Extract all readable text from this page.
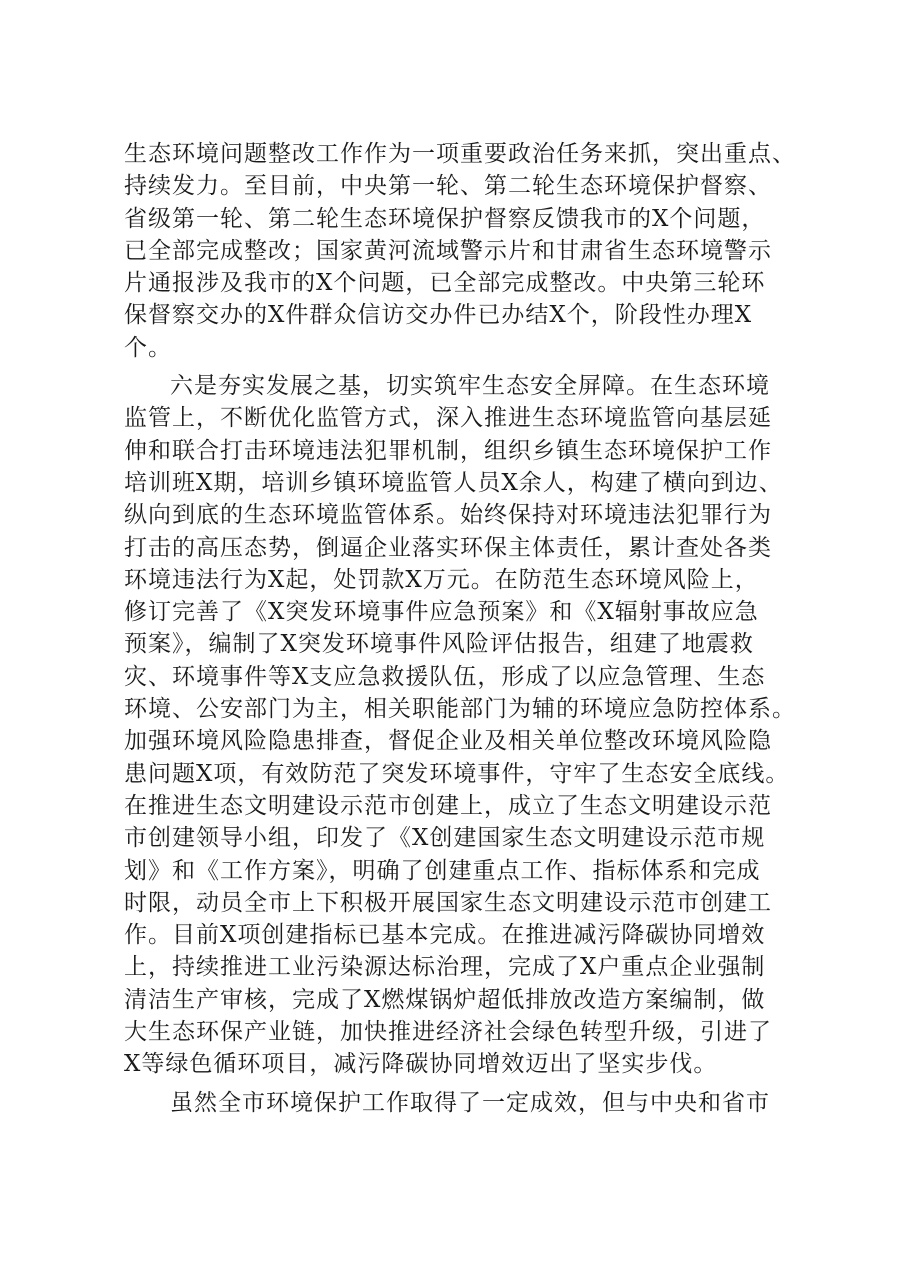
生态环境问题整改工作作为一项重要政治任务来抓，突出重点、
持续发力。至目前，中央第一轮、第二轮生态环境保护督察、
省级第一轮、第二轮生态环境保护督察反馈我市的X个问题，
已全部完成整改；国家黄河流域警示片和甘肃省生态环境警示
片通报涉及我市的X个问题，已全部完成整改。中央第三轮环
保督察交办的X件群众信访交办件已办结X个，阶段性办理X
个。
六是夯实发展之基，切实筑牢生态安全屏障。在生态环境
监管上，不断优化监管方式，深入推进生态环境监管向基层延
伸和联合打击环境违法犯罪机制，组织乡镇生态环境保护工作
培训班X期，培训乡镇环境监管人员X余人，构建了横向到边、
纵向到底的生态环境监管体系。始终保持对环境违法犯罪行为
打击的高压态势，倒逼企业落实环保主体责任，累计查处各类
环境违法行为X起，处罚款X万元。在防范生态环境风险上，
修订完善了《X突发环境事件应急预案》和《X辐射事故应急
预案》，编制了X突发环境事件风险评估报告，组建了地震救
灾、环境事件等X支应急救援队伍，形成了以应急管理、生态
环境、公安部门为主，相关职能部门为辅的环境应急防控体系。
加强环境风险隐患排查，督促企业及相关单位整改环境风险隐
患问题X项，有效防范了突发环境事件，守牢了生态安全底线。
在推进生态文明建设示范市创建上，成立了生态文明建设示范
市创建领导小组，印发了《X创建国家生态文明建设示范市规
划》和《工作方案》，明确了创建重点工作、指标体系和完成
时限，动员全市上下积极开展国家生态文明建设示范市创建工
作。目前X项创建指标已基本完成。在推进减污降碳协同增效
上，持续推进工业污染源达标治理，完成了X户重点企业强制
清洁生产审核，完成了X燃煤锅炉超低排放改造方案编制，做
大生态环保产业链，加快推进经济社会绿色转型升级，引进了
X等绿色循环项目，减污降碳协同增效迈出了坚实步伐。
虽然全市环境保护工作取得了一定成效，但与中央和省市
